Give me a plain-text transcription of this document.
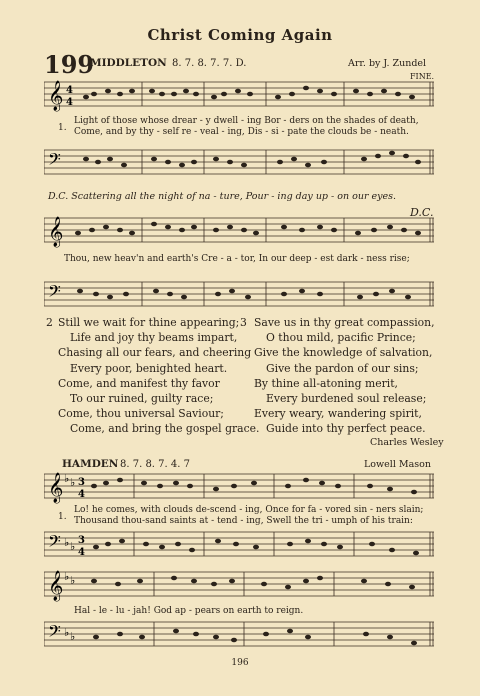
Christ Coming Again
199
MIDDLETON 8. 7. 8. 7. 7. D.	Arr. by J. Zundel
FINE.
𝄞 4
4
1.
Light of those whose drear - y dwell - ing Bor - ders on the shades of death,
Come, and by thy - self re - veal - ing, Dis - si - pate the clouds be - neath.
𝄢
D.C. Scattering all the night of na - ture, Pour - ing day up - on our eyes.
D.C.
𝄞
Thou, new heav'n and earth's Cre - a - tor, In our deep - est dark - ness rise;
𝄢
2 Still we wait for thine appearing;
Life and joy thy beams impart,
Chasing all our fears, and cheering
Every poor, benighted heart.
Come, and manifest thy favor
To our ruined, guilty race;
Come, thou universal Saviour;
Come, and bring the gospel grace.
3 Save us in thy great compassion,
O thou mild, pacific Prince;
Give the knowledge of salvation,
Give the pardon of our sins;
By thine all-atoning merit,
Every burdened soul release;
Every weary, wandering spirit,
Guide into thy perfect peace.
Charles Wesley
HAMDEN 8. 7. 8. 7. 4. 7	Lowell Mason
𝄞 ♭ ♭ 3
4
1.
Lo! he comes, with clouds de-scend - ing, Once for fa - vored sin - ners slain;
Thousand thou-sand saints at - tend - ing, Swell the tri - umph of his train:
𝄢 ♭ ♭ 3
4
𝄞 ♭ ♭
Hal - le - lu - jah! God ap - pears on earth to reign.
𝄢 ♭ ♭
196
